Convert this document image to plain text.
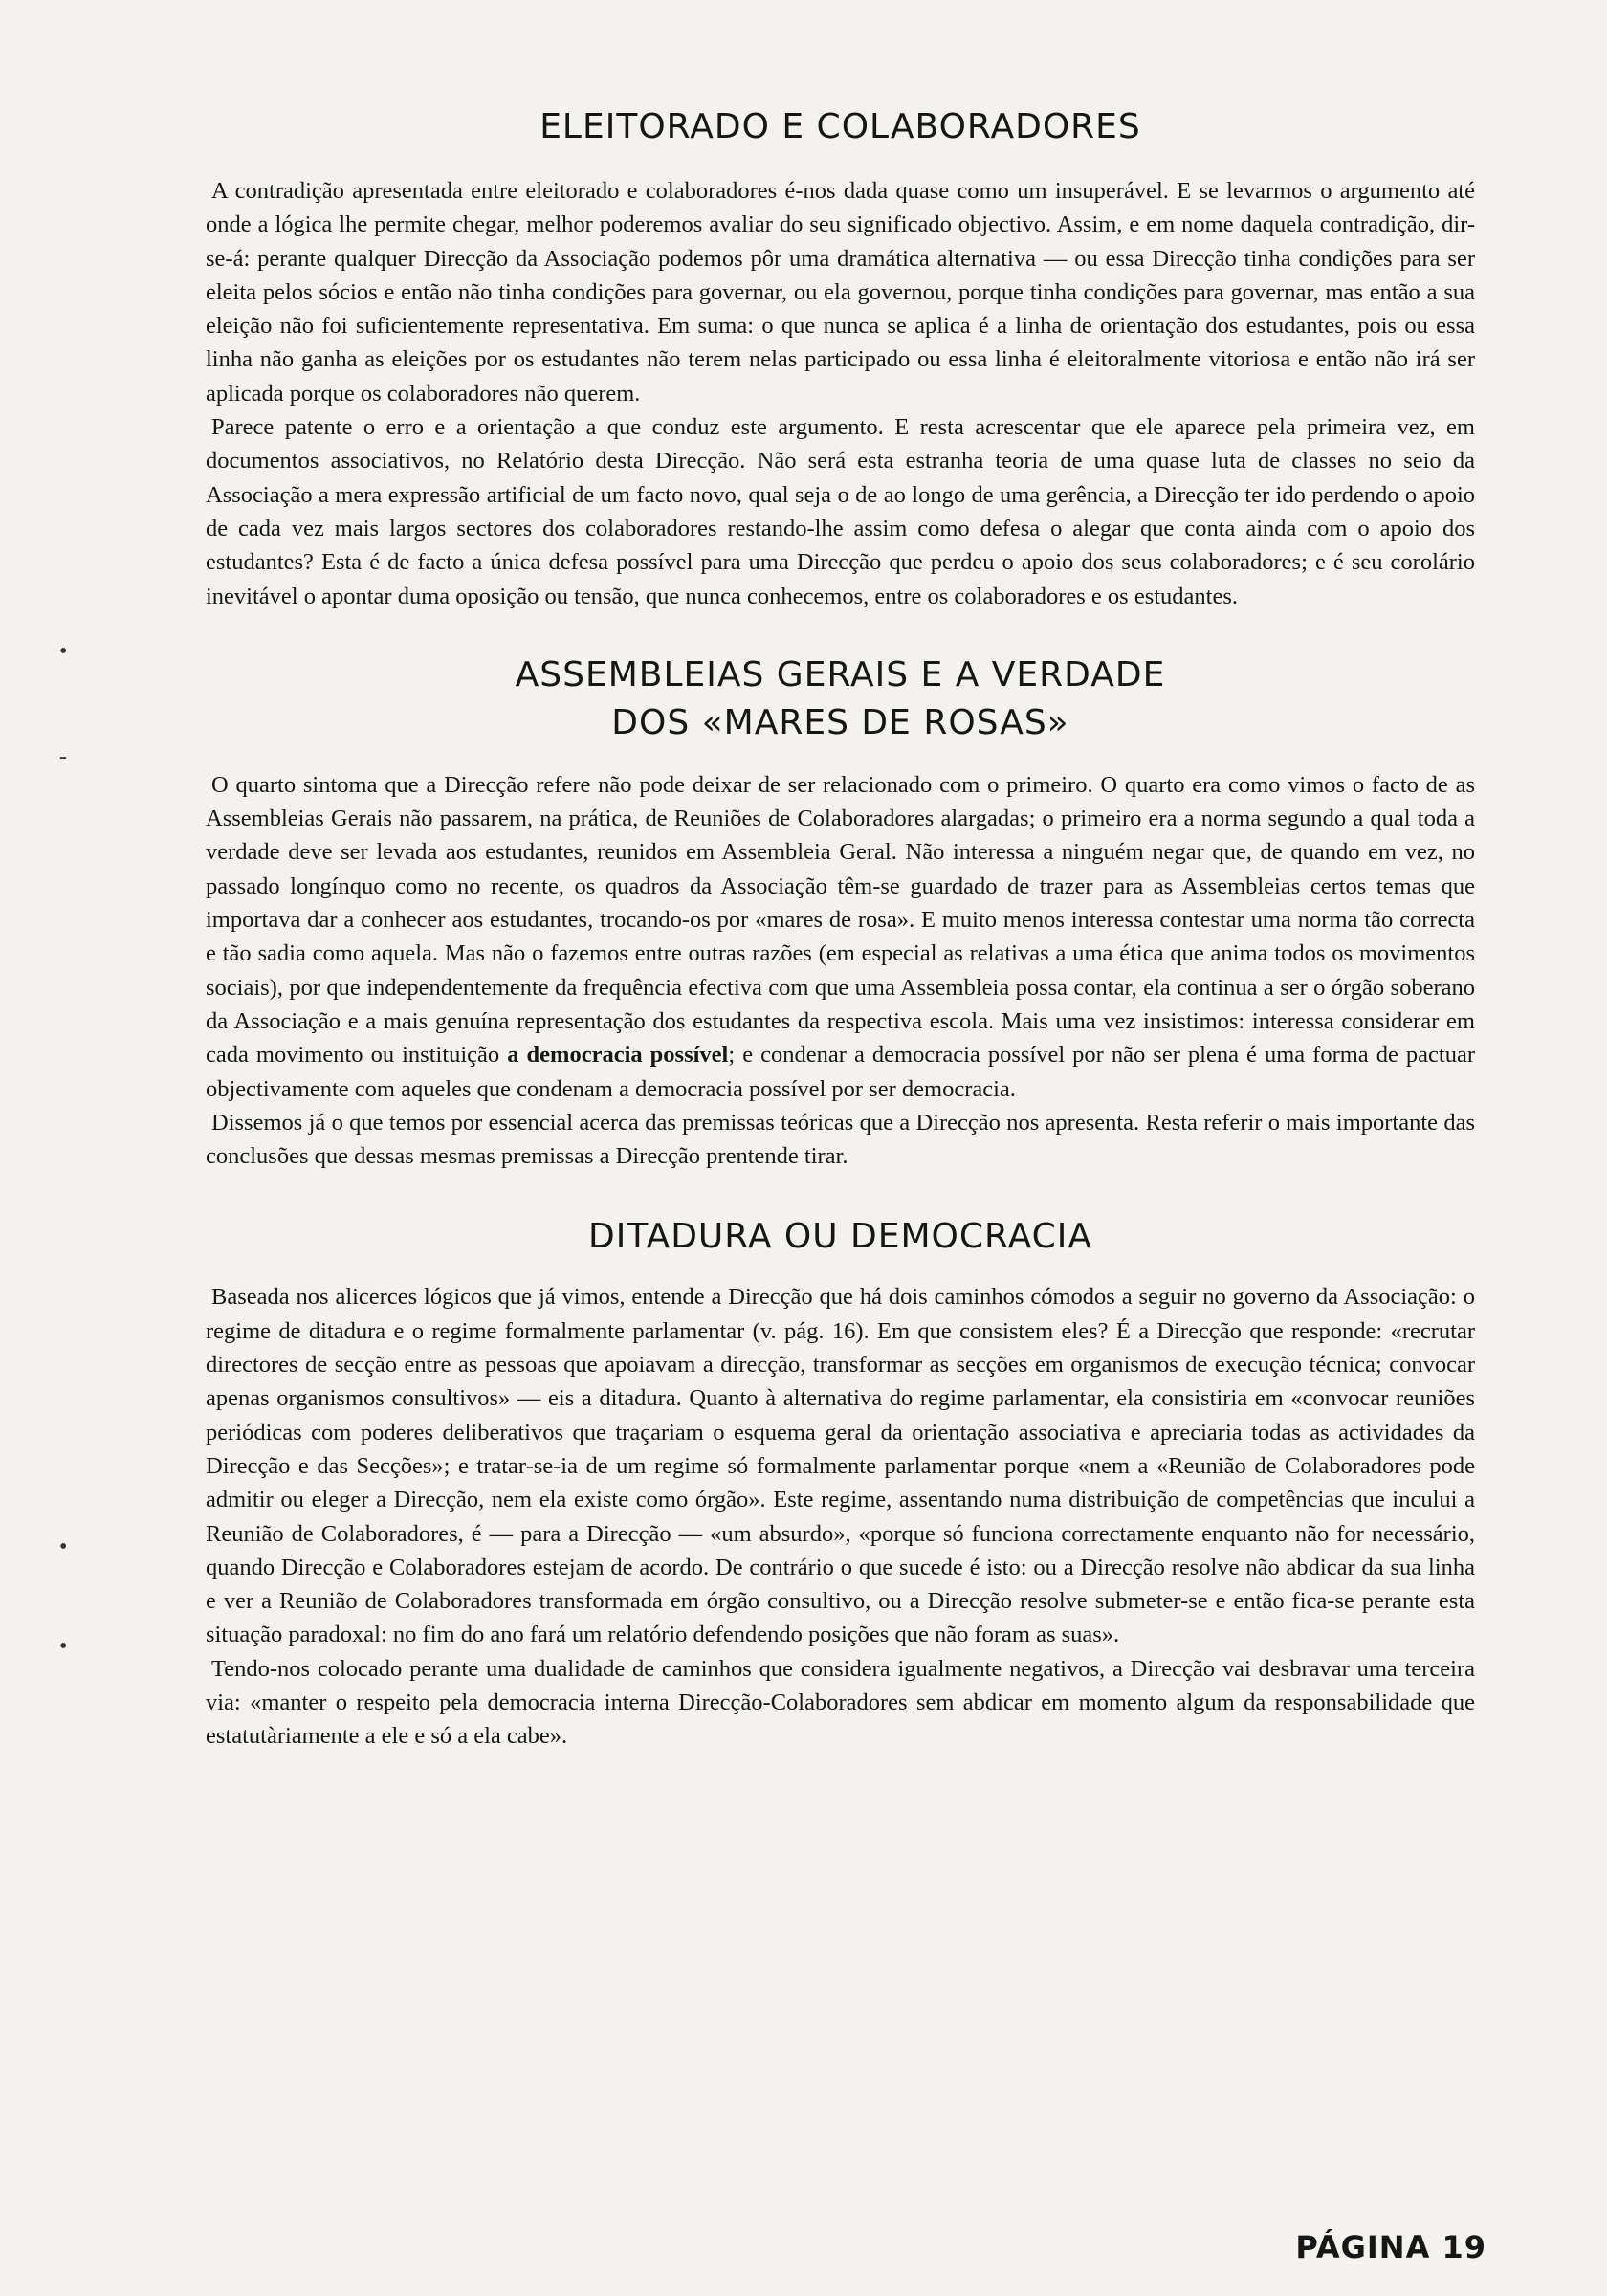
•
-
•
•
ELEITORADO E COLABORADORES

A contradição apresentada entre eleitorado e colaboradores é-nos dada quase como um insuperável. E se levarmos o argumento até onde a lógica lhe permite chegar, melhor poderemos avaliar do seu significado objectivo. Assim, e em nome daquela contradição, dir-se-á: perante qualquer Direcção da Associação podemos pôr uma dramática alternativa — ou essa Direcção tinha condições para ser eleita pelos sócios e então não tinha condições para governar, ou ela governou, porque tinha condições para governar, mas então a sua eleição não foi suficientemente representativa. Em suma: o que nunca se aplica é a linha de orientação dos estudantes, pois ou essa linha não ganha as eleições por os estudantes não terem nelas participado ou essa linha é eleitoralmente vitoriosa e então não irá ser aplicada porque os colaboradores não querem.

Parece patente o erro e a orientação a que conduz este argumento. E resta acrescentar que ele aparece pela primeira vez, em documentos associativos, no Relatório desta Direcção. Não será esta estranha teoria de uma quase luta de classes no seio da Associação a mera expressão artificial de um facto novo, qual seja o de ao longo de uma gerência, a Direcção ter ido perdendo o apoio de cada vez mais largos sectores dos colaboradores restando-lhe assim como defesa o alegar que conta ainda com o apoio dos estudantes? Esta é de facto a única defesa possível para uma Direcção que perdeu o apoio dos seus colaboradores; e é seu corolário inevitável o apontar duma oposição ou tensão, que nunca conhecemos, entre os colaboradores e os estudantes.

ASSEMBLEIAS GERAIS E A VERDADE
DOS «MARES DE ROSAS»

O quarto sintoma que a Direcção refere não pode deixar de ser relacionado com o primeiro. O quarto era como vimos o facto de as Assembleias Gerais não passarem, na prática, de Reuniões de Colaboradores alargadas; o primeiro era a norma segundo a qual toda a verdade deve ser levada aos estudantes, reunidos em Assembleia Geral. Não interessa a ninguém negar que, de quando em vez, no passado longínquo como no recente, os quadros da Associação têm-se guardado de trazer para as Assembleias certos temas que importava dar a conhecer aos estudantes, trocando-os por «mares de rosa». E muito menos interessa contestar uma norma tão correcta e tão sadia como aquela. Mas não o fazemos entre outras razões (em especial as relativas a uma ética que anima todos os movimentos sociais), por que independentemente da frequência efectiva com que uma Assembleia possa contar, ela continua a ser o órgão soberano da Associação e a mais genuína representação dos estudantes da respectiva escola. Mais uma vez insistimos: interessa considerar em cada movimento ou instituição a democracia possível; e condenar a democracia possível por não ser plena é uma forma de pactuar objectivamente com aqueles que condenam a democracia possível por ser democracia.

Dissemos já o que temos por essencial acerca das premissas teóricas que a Direcção nos apresenta. Resta referir o mais importante das conclusões que dessas mesmas premissas a Direcção prentende tirar.

DITADURA OU DEMOCRACIA

Baseada nos alicerces lógicos que já vimos, entende a Direcção que há dois caminhos cómodos a seguir no governo da Associação: o regime de ditadura e o regime formalmente parlamentar (v. pág. 16). Em que consistem eles? É a Direcção que responde: «recrutar directores de secção entre as pessoas que apoiavam a direcção, transformar as secções em organismos de execução técnica; convocar apenas organismos consultivos» — eis a ditadura. Quanto à alternativa do regime parlamentar, ela consistiria em «convocar reuniões periódicas com poderes deliberativos que traçariam o esquema geral da orientação associativa e apreciaria todas as actividades da Direcção e das Secções»; e tratar-se-ia de um regime só formalmente parlamentar porque «nem a «Reunião de Colaboradores pode admitir ou eleger a Direcção, nem ela existe como órgão». Este regime, assentando numa distribuição de competências que incului a Reunião de Colaboradores, é — para a Direcção — «um absurdo», «porque só funciona correctamente enquanto não for necessário, quando Direcção e Colaboradores estejam de acordo. De contrário o que sucede é isto: ou a Direcção resolve não abdicar da sua linha e ver a Reunião de Colaboradores transformada em órgão consultivo, ou a Direcção resolve submeter-se e então fica-se perante esta situação paradoxal: no fim do ano fará um relatório defendendo posições que não foram as suas».

Tendo-nos colocado perante uma dualidade de caminhos que considera igualmente negativos, a Direcção vai desbravar uma terceira via: «manter o respeito pela democracia interna Direcção-Colaboradores sem abdicar em momento algum da responsabilidade que estatutàriamente a ele e só a ela cabe».

PÁGINA 19
